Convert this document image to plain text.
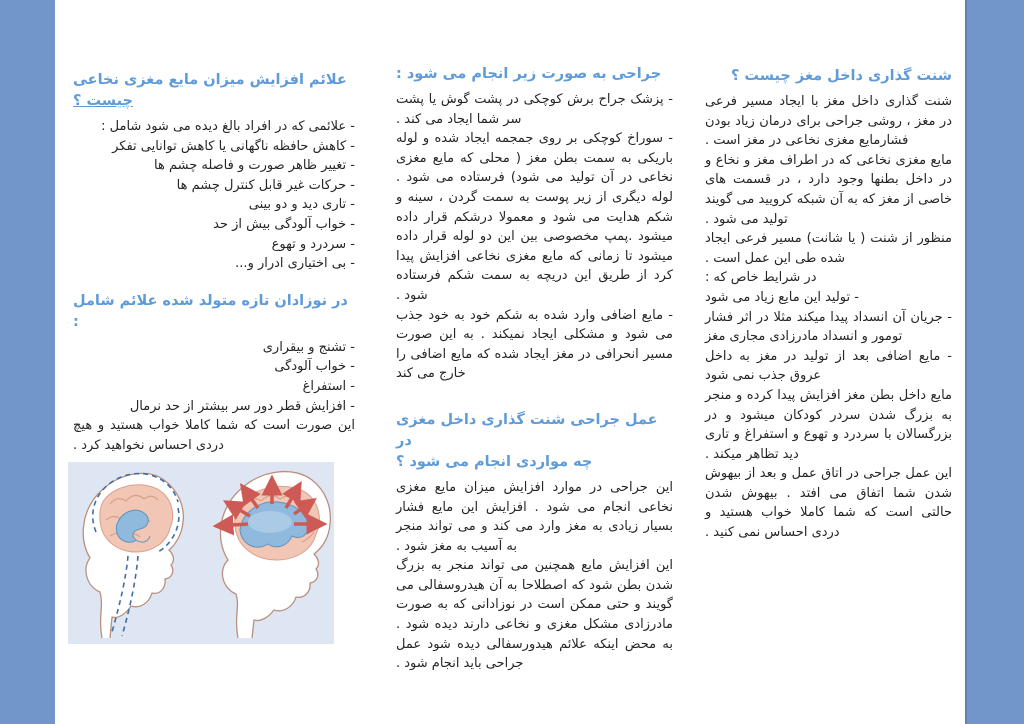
شنت گذاری داخل مغز چیست ؟

شنت گذاری داخل مغز با ایجاد مسیر فرعی در مغز ، روشی جراحی برای درمان زیاد بودن فشارمایع مغزی نخاعی در مغز است .

مایع مغزی نخاعی که در اطراف مغز و نخاع و در داخل بطنها وجود دارد ، در قسمت های خاصی از مغز که به آن شبکه کرویید می گویند تولید می شود .

منظور از شنت ( یا شانت) مسیر فرعی ایجاد شده طی این عمل است .

در شرایط خاص که :

- تولید این مایع زیاد می شود

- جریان آن انسداد پیدا میکند مثلا در اثر فشار تومور و انسداد مادرزادی مجاری مغز

- مایع اضافی بعد از تولید در مغز به داخل عروق جذب نمی شود

مایع داخل بطن مغز افزایش پیدا کرده و منجر به بزرگ شدن سردر کودکان میشود و در بزرگسالان با سردرد و تهوع و استفراغ و تاری دید تظاهر میکند .

این عمل جراحی در اتاق عمل و بعد از بیهوش شدن شما اتفاق می افتد . بیهوش شدن حالتی است که شما کاملا خواب هستید و دردی احساس نمی کنید .

جراحی به صورت زیر انجام می شود :

- پزشک جراح برش کوچکی در پشت گوش یا پشت سر شما ایجاد می کند .

- سوراخ کوچکی بر روی جمجمه ایجاد شده و لوله باریکی به سمت بطن مغز ( محلی که مایع مغزی نخاعی در آن تولید می شود) فرستاده می شود . لوله دیگری از زیر پوست به سمت گردن ، سینه و شکم هدایت می شود و معمولا درشکم قرار داده میشود .پمپ مخصوصی بین این دو لوله قرار داده میشود تا زمانی که مایع مغزی نخاعی افزایش پیدا کرد از طریق این دریچه به سمت شکم فرستاده شود .

- مایع اضافی وارد شده به شکم خود به خود جذب می شود و مشکلی ایجاد نمیکند . به این صورت مسیر انحرافی در مغز ایجاد شده که مایع اضافی را خارج می کند

عمل جراحی شنت گذاری داخل مغزی در
چه مواردی انجام می شود ؟

این جراحی در موارد افزایش میزان مایع مغزی نخاعی انجام می شود . افزایش این مایع فشار بسیار زیادی به مغز وارد می کند و می تواند منجر به آسیب به مغز شود .

این افزایش مایع همچنین می تواند منجر به بزرگ شدن بطن شود که اصطلاحا به آن هیدروسفالی می گویند و حتی ممکن است در نوزادانی که به صورت مادرزادی مشکل مغزی و نخاعی دارند دیده شود . به محض اینکه علائم هیدورسفالی دیده شود عمل جراحی باید انجام شود .

علائم افزایش میزان مایع مغزی نخاعی
چیست ؟

- علائمی که در افراد بالغ دیده می شود شامل :

- کاهش حافظه ناگهانی یا کاهش توانایی تفکر

- تغییر ظاهر صورت و فاصله چشم ها

- حرکات غیر قابل کنترل چشم ها

- تاری دید و دو بینی

- خواب آلودگی بیش از حد

- سردرد و تهوع

- بی اختیاری ادرار و...

در نوزادان تازه متولد شده علائم شامل :

- تشنج و بیقراری

- خواب آلودگی

- استفراغ

- افزایش قطر دور سر بیشتر از حد نرمال

این صورت است که شما کاملا خواب هستید و هیچ دردی احساس نخواهید کرد .
